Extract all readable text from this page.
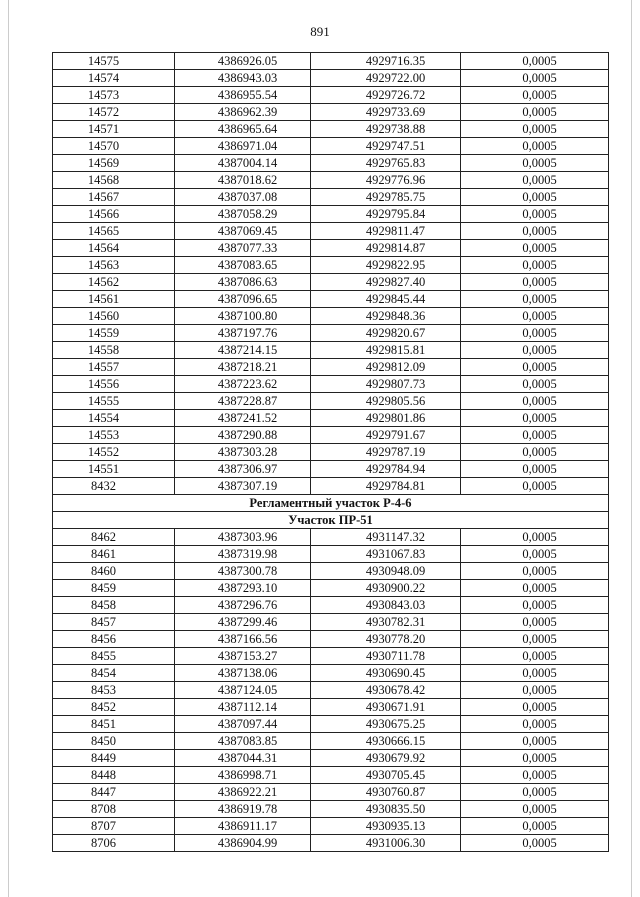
891
14575	4386926.05	4929716.35	0,0005
14574	4386943.03	4929722.00	0,0005
14573	4386955.54	4929726.72	0,0005
14572	4386962.39	4929733.69	0,0005
14571	4386965.64	4929738.88	0,0005
14570	4386971.04	4929747.51	0,0005
14569	4387004.14	4929765.83	0,0005
14568	4387018.62	4929776.96	0,0005
14567	4387037.08	4929785.75	0,0005
14566	4387058.29	4929795.84	0,0005
14565	4387069.45	4929811.47	0,0005
14564	4387077.33	4929814.87	0,0005
14563	4387083.65	4929822.95	0,0005
14562	4387086.63	4929827.40	0,0005
14561	4387096.65	4929845.44	0,0005
14560	4387100.80	4929848.36	0,0005
14559	4387197.76	4929820.67	0,0005
14558	4387214.15	4929815.81	0,0005
14557	4387218.21	4929812.09	0,0005
14556	4387223.62	4929807.73	0,0005
14555	4387228.87	4929805.56	0,0005
14554	4387241.52	4929801.86	0,0005
14553	4387290.88	4929791.67	0,0005
14552	4387303.28	4929787.19	0,0005
14551	4387306.97	4929784.94	0,0005
8432	4387307.19	4929784.81	0,0005
Регламентный участок Р-4-6			
Участок ПР-51			
8462	4387303.96	4931147.32	0,0005
8461	4387319.98	4931067.83	0,0005
8460	4387300.78	4930948.09	0,0005
8459	4387293.10	4930900.22	0,0005
8458	4387296.76	4930843.03	0,0005
8457	4387299.46	4930782.31	0,0005
8456	4387166.56	4930778.20	0,0005
8455	4387153.27	4930711.78	0,0005
8454	4387138.06	4930690.45	0,0005
8453	4387124.05	4930678.42	0,0005
8452	4387112.14	4930671.91	0,0005
8451	4387097.44	4930675.25	0,0005
8450	4387083.85	4930666.15	0,0005
8449	4387044.31	4930679.92	0,0005
8448	4386998.71	4930705.45	0,0005
8447	4386922.21	4930760.87	0,0005
8708	4386919.78	4930835.50	0,0005
8707	4386911.17	4930935.13	0,0005
8706	4386904.99	4931006.30	0,0005
